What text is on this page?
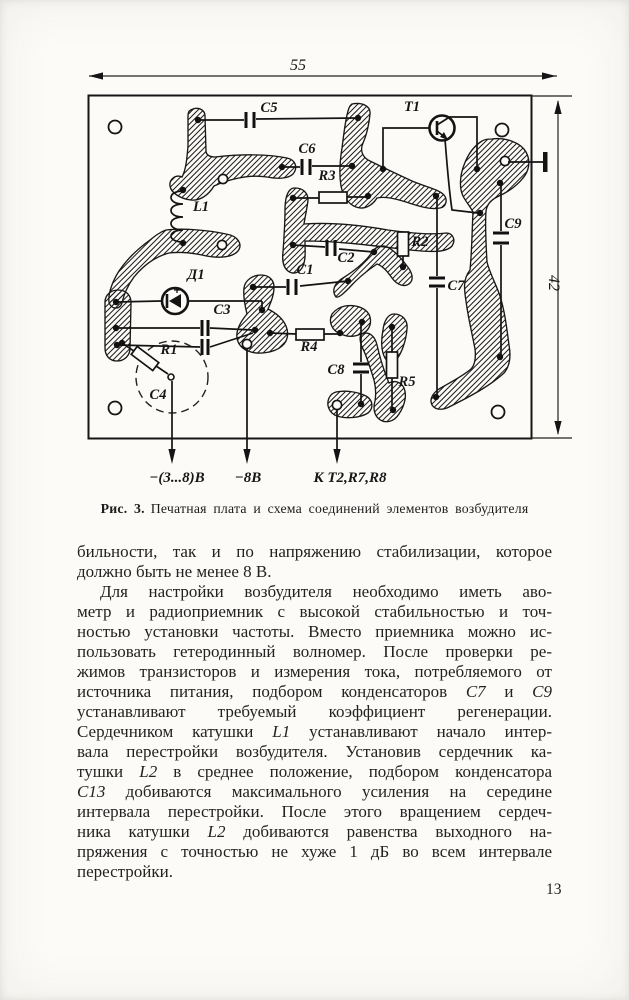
55
42
C5
C6
T1
R3
L1
C9
Д1
C2
R2
C1
C7
C3
R4
R1
C4
C8
R5
−(3...8)В −8В	К Т2,R7,R8
Рис. 3. Печатная плата и схема соединений элементов возбудителя
бильности, так и по напряжению стабилизации, которое
должно быть не менее 8 В.
Для настройки возбудителя необходимо иметь аво-
метр и радиоприемник с высокой стабильностью и точ-
ностью установки частоты. Вместо приемника можно ис-
пользовать гетеродинный волномер. После проверки ре-
жимов транзисторов и измерения тока, потребляемого от
источника питания, подбором конденсаторов С7 и С9
устанавливают требуемый коэффициент регенерации.
Сердечником катушки L1 устанавливают начало интер-
вала перестройки возбудителя. Установив сердечник ка-
тушки L2 в среднее положение, подбором конденсатора
С13 добиваются максимального усиления на середине
интервала перестройки. После этого вращением сердеч-
ника катушки L2 добиваются равенства выходного на-
пряжения с точностью не хуже 1 дБ во всем интервале
перестройки.
13
